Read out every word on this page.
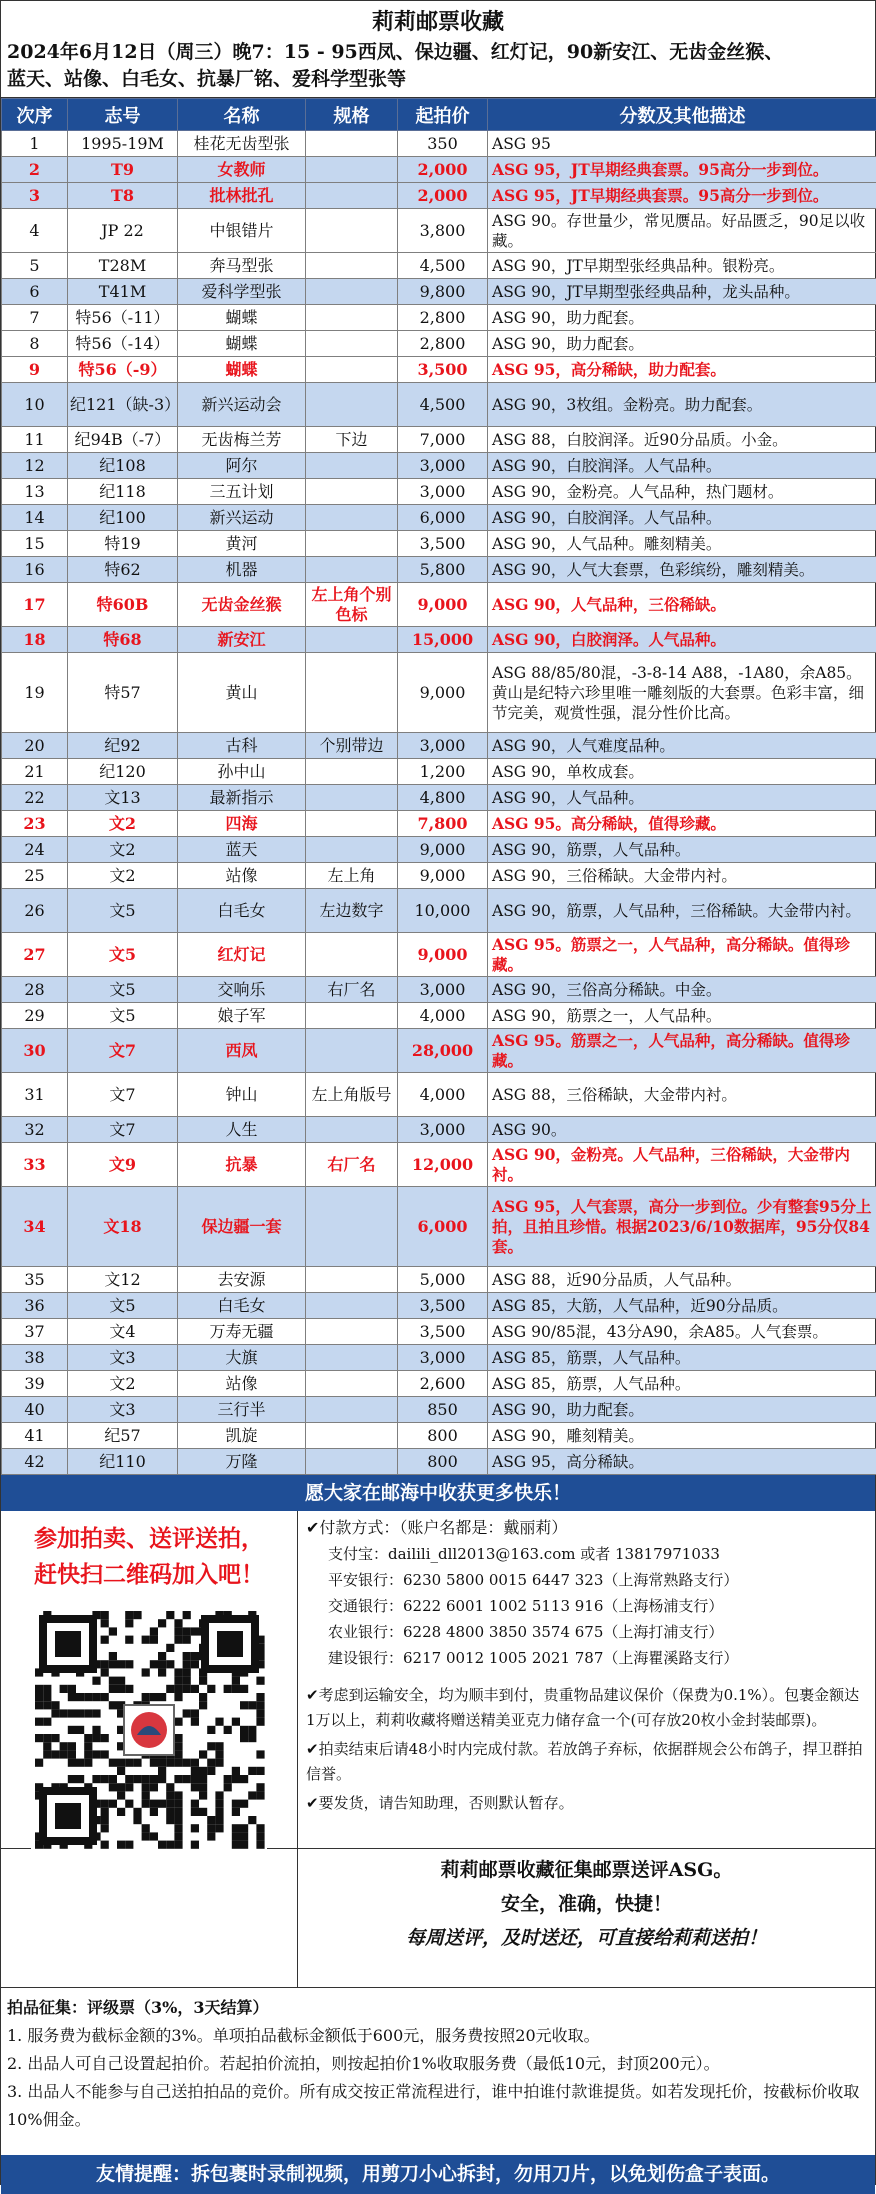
莉莉邮票收藏
2024年6月12日（周三）晚7：15 - 95西凤、保边疆、红灯记，90新安江、无齿金丝猴、
蓝天、站像、白毛女、抗暴厂铭、爱科学型张等
次序	志号	名称	规格	起拍价	分数及其他描述
1	1995-19M	桂花无齿型张		350	ASG 95
2	T9	女教师		2,000	ASG 95，JT早期经典套票。95高分一步到位。
3	T8	批林批孔		2,000	ASG 95，JT早期经典套票。95高分一步到位。
4	JP 22	中银错片		3,800	ASG 90。存世量少，常见赝品。好品匮乏，90足以收藏。
5	T28M	奔马型张		4,500	ASG 90，JT早期型张经典品种。银粉亮。
6	T41M	爱科学型张		9,800	ASG 90，JT早期型张经典品种，龙头品种。
7	特56（-11）	蝴蝶		2,800	ASG 90，助力配套。
8	特56（-14）	蝴蝶		2,800	ASG 90，助力配套。
9	特56（-9）	蝴蝶		3,500	ASG 95，高分稀缺，助力配套。
10	纪121（缺-3）	新兴运动会		4,500	ASG 90，3枚组。金粉亮。助力配套。
11	纪94B（-7）	无齿梅兰芳	下边	7,000	ASG 88，白胶润泽。近90分品质。小金。
12	纪108	阿尔		3,000	ASG 90，白胶润泽。人气品种。
13	纪118	三五计划		3,000	ASG 90，金粉亮。人气品种，热门题材。
14	纪100	新兴运动		6,000	ASG 90，白胶润泽。人气品种。
15	特19	黄河		3,500	ASG 90，人气品种。雕刻精美。
16	特62	机器		5,800	ASG 90，人气大套票，色彩缤纷，雕刻精美。
17	特60B	无齿金丝猴	左上角个别色标	9,000	ASG 90，人气品种，三俗稀缺。
18	特68	新安江		15,000	ASG 90，白胶润泽。人气品种。
19	特57	黄山		9,000	ASG 88/85/80混，-3-8-14 A88，-1A80，余A85。黄山是纪特六珍里唯一雕刻版的大套票。色彩丰富，细节完美，观赏性强，混分性价比高。
20	纪92	古科	个别带边	3,000	ASG 90，人气难度品种。
21	纪120	孙中山		1,200	ASG 90，单枚成套。
22	文13	最新指示		4,800	ASG 90，人气品种。
23	文2	四海		7,800	ASG 95。高分稀缺，值得珍藏。
24	文2	蓝天		9,000	ASG 90，筋票，人气品种。
25	文2	站像	左上角	9,000	ASG 90，三俗稀缺。大金带内衬。
26	文5	白毛女	左边数字	10,000	ASG 90，筋票，人气品种，三俗稀缺。大金带内衬。
27	文5	红灯记		9,000	ASG 95。筋票之一，人气品种，高分稀缺。值得珍藏。
28	文5	交响乐	右厂名	3,000	ASG 90，三俗高分稀缺。中金。
29	文5	娘子军		4,000	ASG 90，筋票之一，人气品种。
30	文7	西凤		28,000	ASG 95。筋票之一，人气品种，高分稀缺。值得珍藏。
31	文7	钟山	左上角版号	4,000	ASG 88，三俗稀缺，大金带内衬。
32	文7	人生		3,000	ASG 90。
33	文9	抗暴	右厂名	12,000	ASG 90，金粉亮。人气品种，三俗稀缺，大金带内衬。
34	文18	保边疆一套		6,000	ASG 95，人气套票，高分一步到位。少有整套95分上拍，且拍且珍惜。根据2023/6/10数据库，95分仅84套。
35	文12	去安源		5,000	ASG 88，近90分品质，人气品种。
36	文5	白毛女		3,500	ASG 85，大筋，人气品种，近90分品质。
37	文4	万寿无疆		3,500	ASG 90/85混，43分A90，余A85。人气套票。
38	文3	大旗		3,000	ASG 85，筋票，人气品种。
39	文2	站像		2,600	ASG 85，筋票，人气品种。
40	文3	三行半		850	ASG 90，助力配套。
41	纪57	凯旋		800	ASG 90，雕刻精美。
42	纪110	万隆		800	ASG 95，高分稀缺。
愿大家在邮海中收获更多快乐！
参加拍卖、送评送拍，
赶快扫二维码加入吧！
✔付款方式：（账户名都是：戴丽莉）
支付宝：dailili_dll2013@163.com 或者 13817971033
平安银行：6230 5800 0015 6447 323（上海常熟路支行）
交通银行：6222 6001 1002 5113 916（上海杨浦支行）
农业银行：6228 4800 3850 3574 675（上海打浦支行）
建设银行：6217 0012 1005 2021 787（上海瞿溪路支行）
✔考虑到运输安全，均为顺丰到付，贵重物品建议保价（保费为0.1%）。包裹金额达1万以上，莉莉收藏将赠送精美亚克力储存盒一个(可存放20枚小金封装邮票)。
✔拍卖结束后请48小时内完成付款。若放鸽子弃标，依据群规会公布鸽子，捍卫群拍信誉。
✔要发货，请告知助理，否则默认暂存。
莉莉邮票收藏征集邮票送评ASG。
安全，准确，快捷！
每周送评，及时送还，可直接给莉莉送拍！
拍品征集：评级票（3%，3天结算）
1. 服务费为截标金额的3%。单项拍品截标金额低于600元，服务费按照20元收取。
2. 出品人可自己设置起拍价。若起拍价流拍，则按起拍价1%收取服务费（最低10元，封顶200元）。
3. 出品人不能参与自己送拍拍品的竞价。所有成交按正常流程进行，谁中拍谁付款谁提货。如若发现托价，按截标价收取10%佣金。
友情提醒：拆包裹时录制视频，用剪刀小心拆封，勿用刀片，以免划伤盒子表面。
